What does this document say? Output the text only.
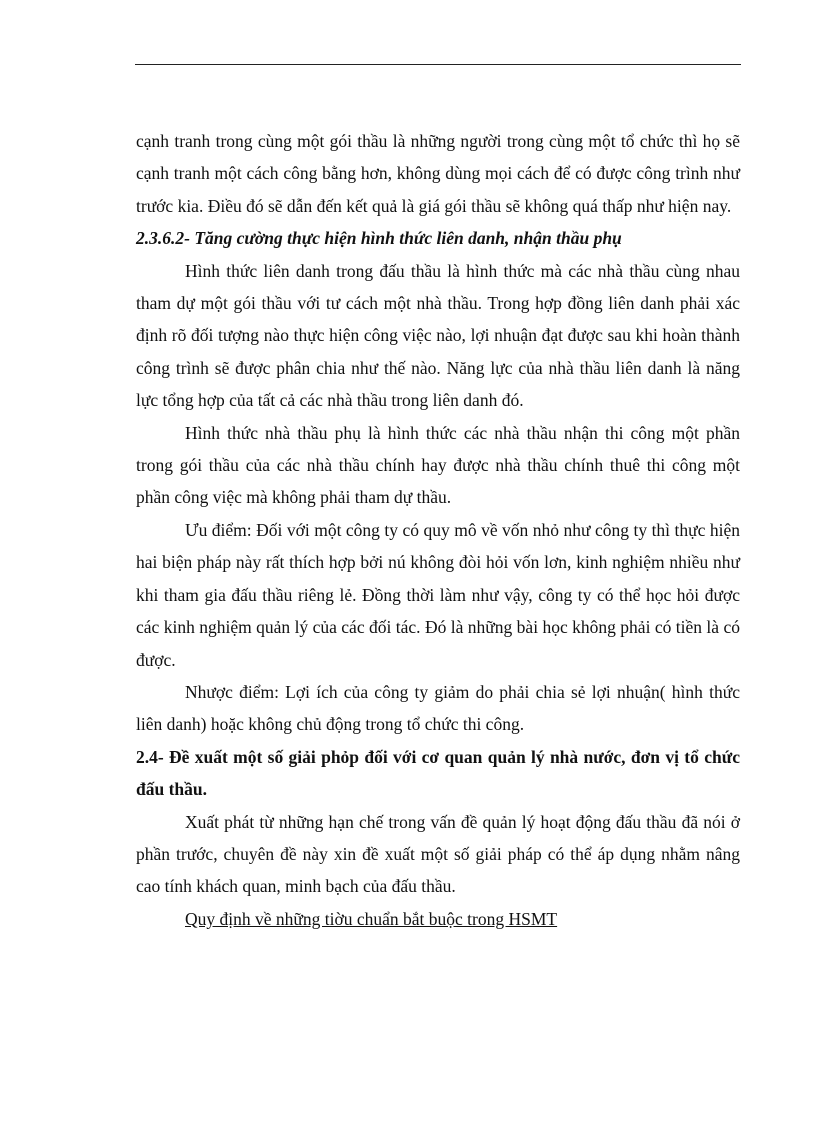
cạnh tranh trong cùng một gói thầu là những người trong cùng một tổ chức thì họ sẽ cạnh tranh một cách công bằng hơn, không dùng mọi cách để có được công trình như trước kia. Điều đó sẽ dẫn đến kết quả là giá gói thầu sẽ không quá thấp như hiện nay.

2.3.6.2- Tăng cường thực hiện hình thức liên danh, nhận thầu phụ

Hình thức liên danh trong đấu thầu là hình thức mà các nhà thầu cùng nhau tham dự một gói thầu với tư cách một nhà thầu. Trong hợp đồng liên danh phải xác định rõ đối tượng nào thực hiện công việc nào, lợi nhuận đạt được sau khi hoàn thành công trình sẽ được phân chia như thế nào. Năng lực của nhà thầu liên danh là năng lực tổng hợp của tất cả các nhà thầu trong liên danh đó.

Hình thức nhà thầu phụ là hình thức các nhà thầu nhận thi công một phần trong gói thầu của các nhà thầu chính hay được nhà thầu chính thuê thi công một phần công việc mà không phải tham dự thầu.

Ưu điểm: Đối với một công ty có quy mô về vốn nhỏ như công ty thì thực hiện hai biện pháp này rất thích hợp bởi nú không đòi hỏi vốn lơn, kinh nghiệm nhiều như khi tham gia đấu thầu riêng lẻ. Đồng thời làm như vậy, công ty có thể học hỏi được các kinh nghiệm quản lý của các đối tác. Đó là những bài học không phải có tiền là có được.

Nhược điểm: Lợi ích của công ty giảm do phải chia sẻ lợi nhuận( hình thức liên danh) hoặc không chủ động trong tổ chức thi công.

2.4- Đề xuất một số giải phỏp đối với cơ quan quản lý nhà nước, đơn vị tổ chức đấu thầu.

Xuất phát từ những hạn chế trong vấn đề quản lý hoạt động đấu thầu đã nói ở phần trước, chuyên đề này xin đề xuất một số giải pháp có thể áp dụng nhằm nâng cao tính khách quan, minh bạch của đấu thầu.

Quy định về những tiờu chuẩn bắt buộc trong HSMT
